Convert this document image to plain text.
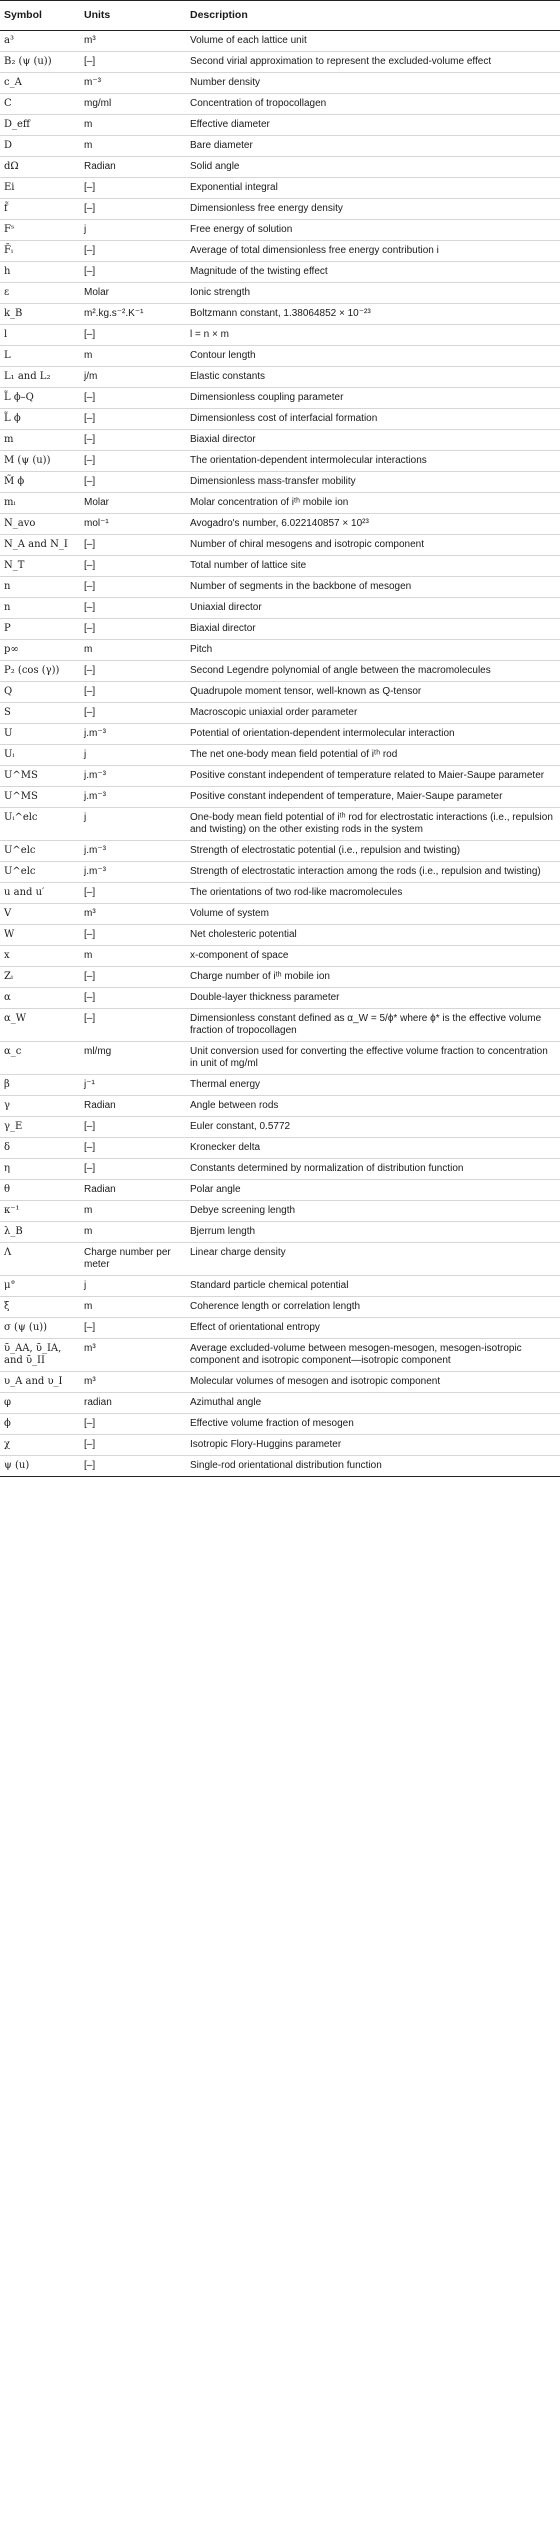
Symbol	Units	Description
a³	m³	Volume of each lattice unit
B₂ (ψ (u))	[–]	Second virial approximation to represent the excluded-volume effect
c_A	m⁻³	Number density
C	mg/ml	Concentration of tropocollagen
D_eff	m	Effective diameter
D	m	Bare diameter
dΩ	Radian	Solid angle
Ei	[–]	Exponential integral
f̃	[–]	Dimensionless free energy density
Fˢ	j	Free energy of solution
F̄ᵢ	[–]	Average of total dimensionless free energy contribution i
h	[–]	Magnitude of the twisting effect
ε	Molar	Ionic strength
k_B	m².kg.s⁻².K⁻¹	Boltzmann constant, 1.38064852 × 10⁻²³
l	[–]	l = n × m
L	m	Contour length
L₁ and L₂	j/m	Elastic constants
L̃ ϕ–Q	[–]	Dimensionless coupling parameter
L̃ ϕ	[–]	Dimensionless cost of interfacial formation
m	[–]	Biaxial director
M (ψ (u))	[–]	The orientation-dependent intermolecular interactions
M̃ ϕ	[–]	Dimensionless mass-transfer mobility
mᵢ	Molar	Molar concentration of iᵗʰ mobile ion
N_avo	mol⁻¹	Avogadro's number, 6.022140857 × 10²³
N_A and N_I	[–]	Number of chiral mesogens and isotropic component
N_T	[–]	Total number of lattice site
n	[–]	Number of segments in the backbone of mesogen
n	[–]	Uniaxial director
P	[–]	Biaxial director
p∞	m	Pitch
P₂ (cos (γ))	[–]	Second Legendre polynomial of angle between the macromolecules
Q	[–]	Quadrupole moment tensor, well-known as Q-tensor
S	[–]	Macroscopic uniaxial order parameter
U	j.m⁻³	Potential of orientation-dependent intermolecular interaction
Uᵢ	j	The net one-body mean field potential of iᵗʰ rod
U^MS	j.m⁻³	Positive constant independent of temperature related to Maier-Saupe parameter
U^MS	j.m⁻³	Positive constant independent of temperature, Maier-Saupe parameter
Uᵢ^elc	j	One-body mean field potential of iᵗʰ rod for electrostatic interactions (i.e., repulsion and twisting) on the other existing rods in the system
U^elc	j.m⁻³	Strength of electrostatic potential (i.e., repulsion and twisting)
U^elc	j.m⁻³	Strength of electrostatic interaction among the rods (i.e., repulsion and twisting)
u and u′	[–]	The orientations of two rod-like macromolecules
V	m³	Volume of system
W	[–]	Net cholesteric potential
x	m	x-component of space
Zᵢ	[–]	Charge number of iᵗʰ mobile ion
α	[–]	Double-layer thickness parameter
α_W	[–]	Dimensionless constant defined as α_W = 5/ϕ* where ϕ* is the effective volume fraction of tropocollagen
α_c	ml/mg	Unit conversion used for converting the effective volume fraction to concentration in unit of mg/ml
β	j⁻¹	Thermal energy
γ	Radian	Angle between rods
γ_E	[–]	Euler constant, 0.5772
δ	[–]	Kronecker delta
η	[–]	Constants determined by normalization of distribution function
θ	Radian	Polar angle
κ⁻¹	m	Debye screening length
λ_B	m	Bjerrum length
Λ	Charge number per meter	Linear charge density
μ°	j	Standard particle chemical potential
ξ	m	Coherence length or correlation length
σ (ψ (u))	[–]	Effect of orientational entropy
ῡ_AA, ῡ_IA, and ῡ_II	m³	Average excluded-volume between mesogen-mesogen, mesogen-isotropic component and isotropic component—isotropic component
υ_A and υ_I	m³	Molecular volumes of mesogen and isotropic component
φ	radian	Azimuthal angle
ϕ	[–]	Effective volume fraction of mesogen
χ	[–]	Isotropic Flory-Huggins parameter
ψ (u)	[–]	Single-rod orientational distribution function
